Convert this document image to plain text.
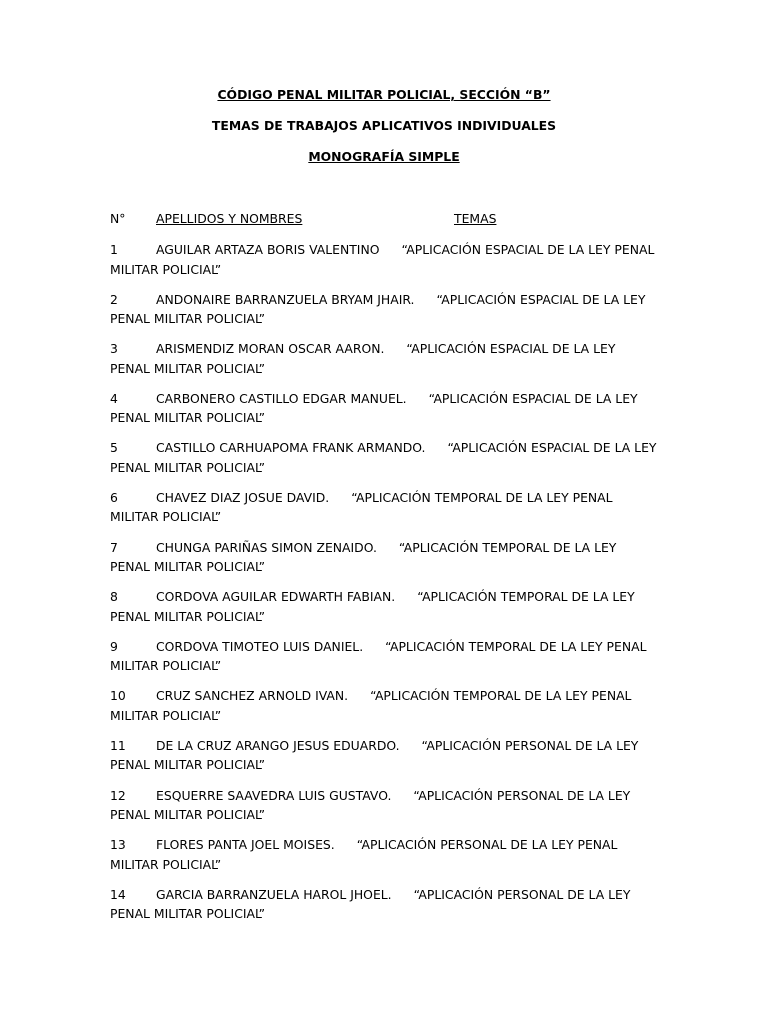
CÓDIGO PENAL MILITAR POLICIAL, SECCIÓN “B”
TEMAS DE TRABAJOS APLICATIVOS INDIVIDUALES
MONOGRAFÍA SIMPLE
N° APELLIDOS Y NOMBRES	TEMAS
1	AGUILAR ARTAZA BORIS VALENTINO “APLICACIÓN ESPACIAL DE LA LEY PENAL MILITAR POLICIAL”
2	ANDONAIRE BARRANZUELA BRYAM JHAIR. “APLICACIÓN ESPACIAL DE LA LEY PENAL MILITAR POLICIAL”
3	ARISMENDIZ MORAN OSCAR AARON. “APLICACIÓN ESPACIAL DE LA LEY PENAL MILITAR POLICIAL”
4	CARBONERO CASTILLO EDGAR MANUEL. “APLICACIÓN ESPACIAL DE LA LEY PENAL MILITAR POLICIAL”
5	CASTILLO CARHUAPOMA FRANK ARMANDO. “APLICACIÓN ESPACIAL DE LA LEY PENAL MILITAR POLICIAL”
6	CHAVEZ DIAZ JOSUE DAVID. “APLICACIÓN TEMPORAL DE LA LEY PENAL MILITAR POLICIAL”
7	CHUNGA PARIÑAS SIMON ZENAIDO. “APLICACIÓN TEMPORAL DE LA LEY PENAL MILITAR POLICIAL”
8	CORDOVA AGUILAR EDWARTH FABIAN. “APLICACIÓN TEMPORAL DE LA LEY PENAL MILITAR POLICIAL”
9	CORDOVA TIMOTEO LUIS DANIEL. “APLICACIÓN TEMPORAL DE LA LEY PENAL MILITAR POLICIAL”
10 CRUZ SANCHEZ ARNOLD IVAN. “APLICACIÓN TEMPORAL DE LA LEY PENAL MILITAR POLICIAL”
11 DE LA CRUZ ARANGO JESUS EDUARDO. “APLICACIÓN PERSONAL DE LA LEY PENAL MILITAR POLICIAL”
12 ESQUERRE SAAVEDRA LUIS GUSTAVO. “APLICACIÓN PERSONAL DE LA LEY PENAL MILITAR POLICIAL”
13 FLORES PANTA JOEL MOISES. “APLICACIÓN PERSONAL DE LA LEY PENAL MILITAR POLICIAL”
14 GARCIA BARRANZUELA HAROL JHOEL. “APLICACIÓN PERSONAL DE LA LEY PENAL MILITAR POLICIAL”
